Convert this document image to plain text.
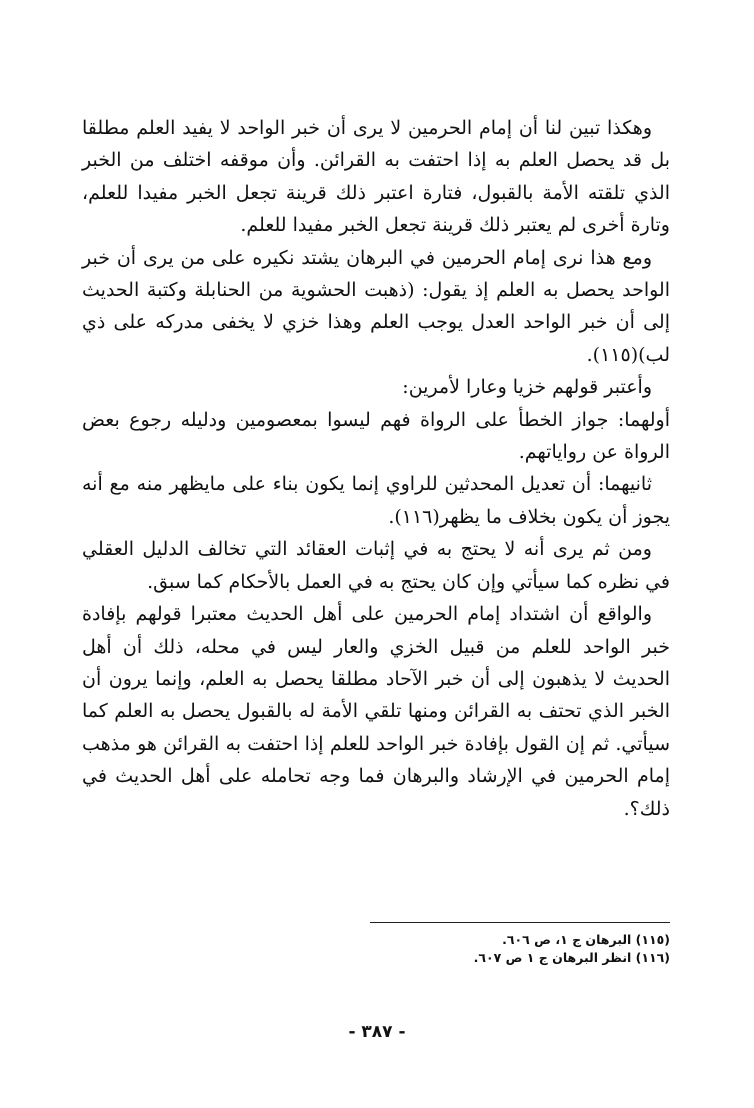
وهكذا تبين لنا أن إمام الحرمين لا يرى أن خبر الواحد لا يفيد العلم مطلقا بل قد يحصل العلم به إذا احتفت به القرائن. وأن موقفه اختلف من الخبر الذي تلقته الأمة بالقبول، فتارة اعتبر ذلك قرينة تجعل الخبر مفيدا للعلم، وتارة أخرى لم يعتبر ذلك قرينة تجعل الخبر مفيدا للعلم.

ومع هذا نرى إمام الحرمين في البرهان يشتد نكيره على من يرى أن خبر الواحد يحصل به العلم إذ يقول: (ذهبت الحشوية من الحنابلة وكتبة الحديث إلى أن خبر الواحد العدل يوجب العلم وهذا خزي لا يخفى مدركه على ذي لب)(١١٥).

وأعتبر قولهم خزيا وعارا لأمرين:

أولهما: جواز الخطأ على الرواة فهم ليسوا بمعصومين ودليله رجوع بعض الرواة عن رواياتهم.

ثانيهما: أن تعديل المحدثين للراوي إنما يكون بناء على مايظهر منه مع أنه يجوز أن يكون بخلاف ما يظهر(١١٦).

ومن ثم يرى أنه لا يحتج به في إثبات العقائد التي تخالف الدليل العقلي في نظره كما سيأتي وإن كان يحتج به في العمل بالأحكام كما سبق.

والواقع أن اشتداد إمام الحرمين على أهل الحديث معتبرا قولهم بإفادة خبر الواحد للعلم من قبيل الخزي والعار ليس في محله، ذلك أن أهل الحديث لا يذهبون إلى أن خبر الآحاد مطلقا يحصل به العلم، وإنما يرون أن الخبر الذي تحتف به القرائن ومنها تلقي الأمة له بالقبول يحصل به العلم كما سيأتي. ثم إن القول بإفادة خبر الواحد للعلم إذا احتفت به القرائن هو مذهب إمام الحرمين في الإرشاد والبرهان فما وجه تحامله على أهل الحديث في ذلك؟.

(١١٥) البرهان ج ١، ص ٦٠٦.
(١١٦) انظر البرهان ج ١ ص ٦٠٧.
- ٣٨٧ -
